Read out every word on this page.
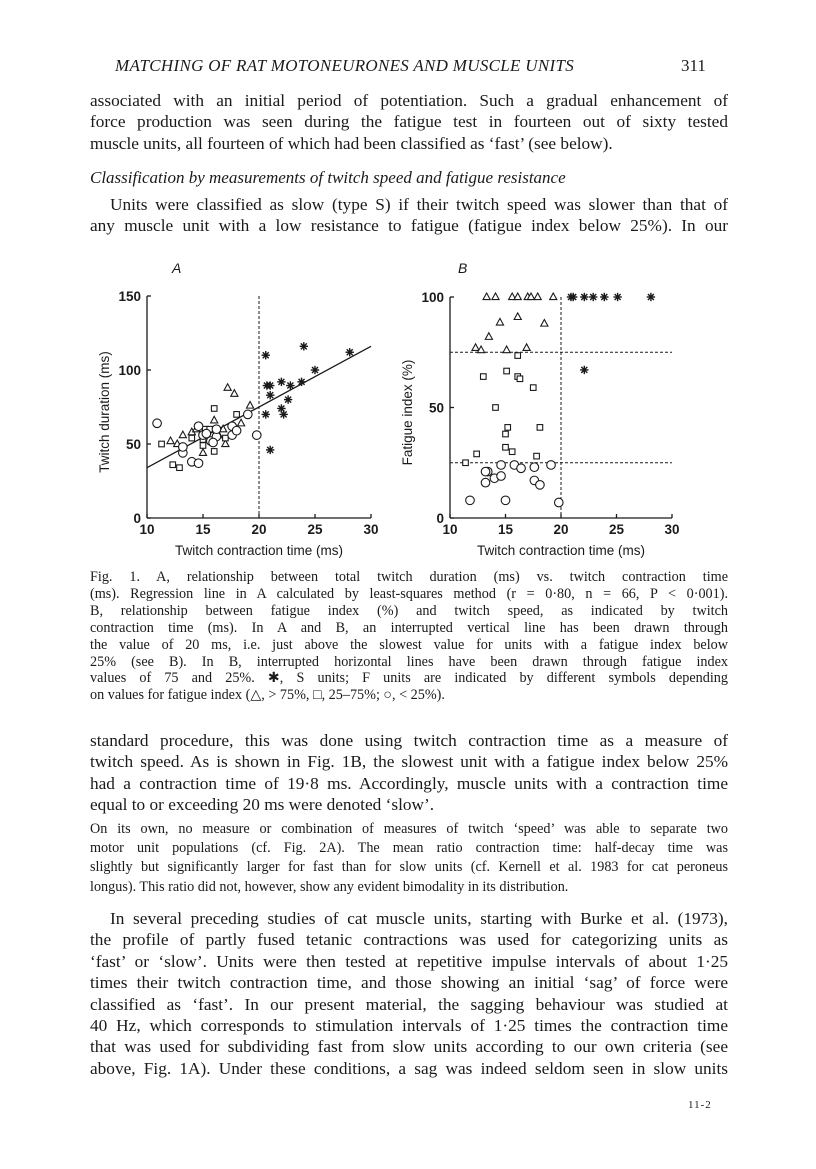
MATCHING OF RAT MOTONEURONES AND MUSCLE UNITS	311
associated with an initial period of potentiation. Such a gradual enhancement of
force production was seen during the fatigue test in fourteen out of sixty tested
muscle units, all fourteen of which had been classified as ‘fast’ (see below).
Classification by measurements of twitch speed and fatigue resistance
Units were classified as slow (type S) if their twitch speed was slower than that of
any muscle unit with a low resistance to fatigue (fatigue index below 25%). In our
A	B
10	15	20	25	30
0
50
100
150
Twitch contraction time (ms)
Twitch duration (ms)
10	15	20	25	30
0
50
100
Twitch contraction time (ms)
Fatigue index (%)
Fig. 1. A, relationship between total twitch duration (ms) vs. twitch contraction time
(ms). Regression line in A calculated by least-squares method (r = 0·80, n = 66, P < 0·001).
B, relationship between fatigue index (%) and twitch speed, as indicated by twitch
contraction time (ms). In A and B, an interrupted vertical line has been drawn through
the value of 20 ms, i.e. just above the slowest value for units with a fatigue index below
25% (see B). In B, interrupted horizontal lines have been drawn through fatigue index
values of 75 and 25%. ✱, S units; F units are indicated by different symbols depending
on values for fatigue index (△, > 75%, □, 25–75%; ○, < 25%).
standard procedure, this was done using twitch contraction time as a measure of
twitch speed. As is shown in Fig. 1B, the slowest unit with a fatigue index below 25%
had a contraction time of 19·8 ms. Accordingly, muscle units with a contraction time
equal to or exceeding 20 ms were denoted ‘slow’.
On its own, no measure or combination of measures of twitch ‘speed’ was able to separate two
motor unit populations (cf. Fig. 2A). The mean ratio contraction time: half-decay time was
slightly but significantly larger for fast than for slow units (cf. Kernell et al. 1983 for cat peroneus
longus). This ratio did not, however, show any evident bimodality in its distribution.
In several preceding studies of cat muscle units, starting with Burke et al. (1973),
the profile of partly fused tetanic contractions was used for categorizing units as
‘fast’ or ‘slow’. Units were then tested at repetitive impulse intervals of about 1·25
times their twitch contraction time, and those showing an initial ‘sag’ of force were
classified as ‘fast’. In our present material, the sagging behaviour was studied at
40 Hz, which corresponds to stimulation intervals of 1·25 times the contraction time
that was used for subdividing fast from slow units according to our own criteria (see
above, Fig. 1A). Under these conditions, a sag was indeed seldom seen in slow units
11-2
